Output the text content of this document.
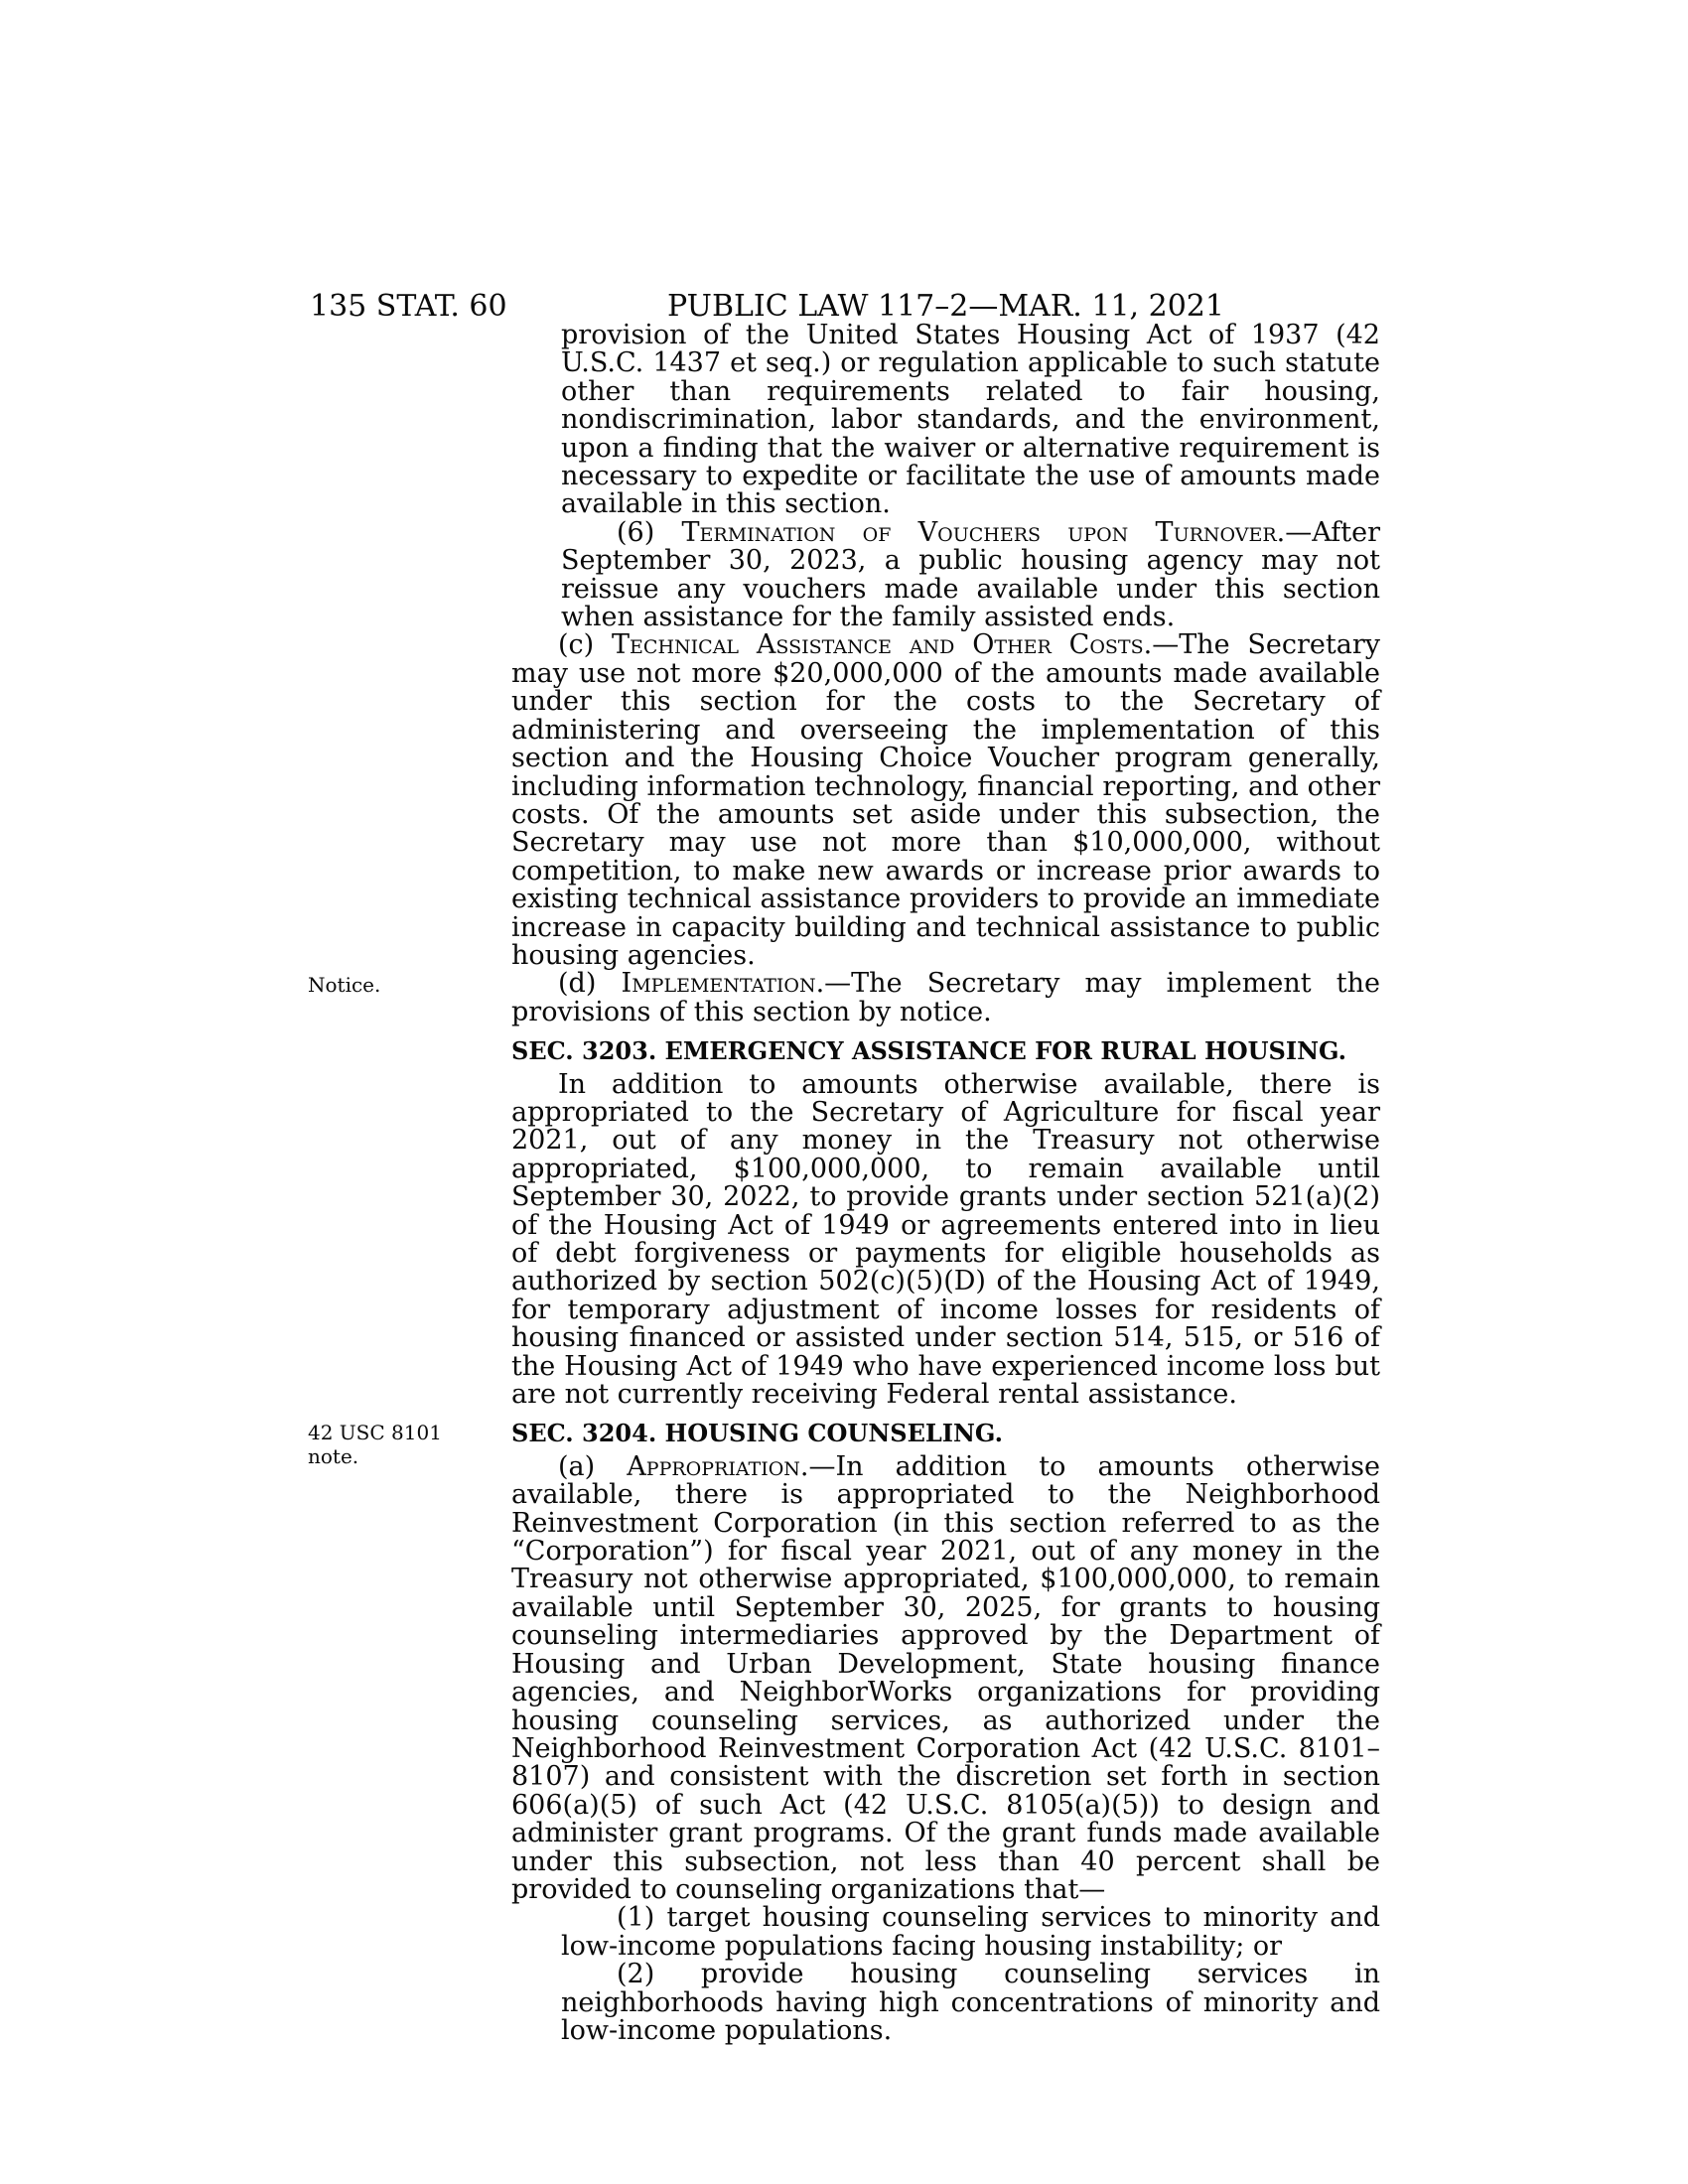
135 STAT. 60	PUBLIC LAW 117–2—MAR. 11, 2021

provision of the United States Housing Act of 1937 (42 U.S.C. 1437 et seq.) or regulation applicable to such statute other than requirements related to fair housing, nondiscrimination, labor standards, and the environment, upon a finding that the waiver or alternative requirement is necessary to expedite or facilitate the use of amounts made available in this section.

(6) Termination of Vouchers upon Turnover.—After September 30, 2023, a public housing agency may not reissue any vouchers made available under this section when assistance for the family assisted ends.

(c) Technical Assistance and Other Costs.—The Secretary may use not more $20,000,000 of the amounts made available under this section for the costs to the Secretary of administering and overseeing the implementation of this section and the Housing Choice Voucher program generally, including information technology, financial reporting, and other costs. Of the amounts set aside under this subsection, the Secretary may use not more than $10,000,000, without competition, to make new awards or increase prior awards to existing technical assistance providers to provide an immediate increase in capacity building and technical assistance to public housing agencies.

Notice.	(d) Implementation.—The Secretary may implement the provisions of this section by notice.

SEC. 3203. EMERGENCY ASSISTANCE FOR RURAL HOUSING.

In addition to amounts otherwise available, there is appropriated to the Secretary of Agriculture for fiscal year 2021, out of any money in the Treasury not otherwise appropriated, $100,000,000, to remain available until September 30, 2022, to provide grants under section 521(a)(2) of the Housing Act of 1949 or agreements entered into in lieu of debt forgiveness or payments for eligible households as authorized by section 502(c)(5)(D) of the Housing Act of 1949, for temporary adjustment of income losses for residents of housing financed or assisted under section 514, 515, or 516 of the Housing Act of 1949 who have experienced income loss but are not currently receiving Federal rental assistance.

42 USC 8101 note.
SEC. 3204. HOUSING COUNSELING.

(a) Appropriation.—In addition to amounts otherwise available, there is appropriated to the Neighborhood Reinvestment Corporation (in this section referred to as the “Corporation”) for fiscal year 2021, out of any money in the Treasury not otherwise appropriated, $100,000,000, to remain available until September 30, 2025, for grants to housing counseling intermediaries approved by the Department of Housing and Urban Development, State housing finance agencies, and NeighborWorks organizations for providing housing counseling services, as authorized under the Neighborhood Reinvestment Corporation Act (42 U.S.C. 8101–8107) and consistent with the discretion set forth in section 606(a)(5) of such Act (42 U.S.C. 8105(a)(5)) to design and administer grant programs. Of the grant funds made available under this subsection, not less than 40 percent shall be provided to counseling organizations that—

(1) target housing counseling services to minority and low-income populations facing housing instability; or

(2) provide housing counseling services in neighborhoods having high concentrations of minority and low-income populations.
